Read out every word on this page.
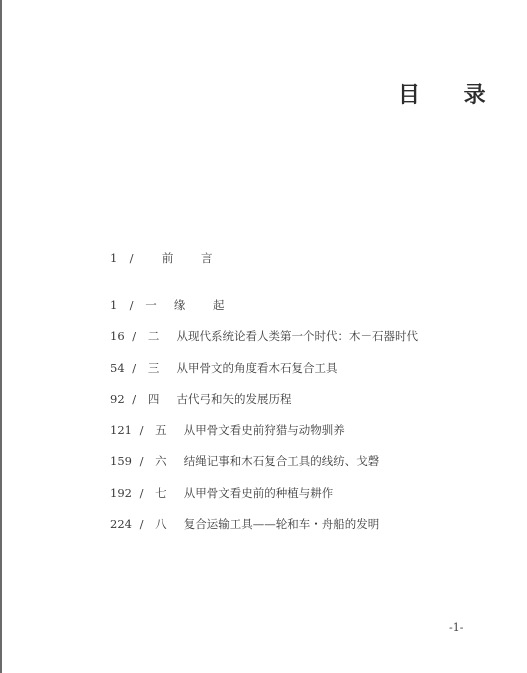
目 录
1 / 前 言
1 / 一 缘 起
16 / 二 从现代系统论看人类第一个时代：木－石器时代
54 / 三 从甲骨文的角度看木石复合工具
92 / 四 古代弓和矢的发展历程
121 / 五 从甲骨文看史前狩猎与动物驯养
159 / 六 结绳记事和木石复合工具的线纺、戈磬
192 / 七 从甲骨文看史前的种植与耕作
224 / 八 复合运输工具——轮和车・舟船的发明
-1-
